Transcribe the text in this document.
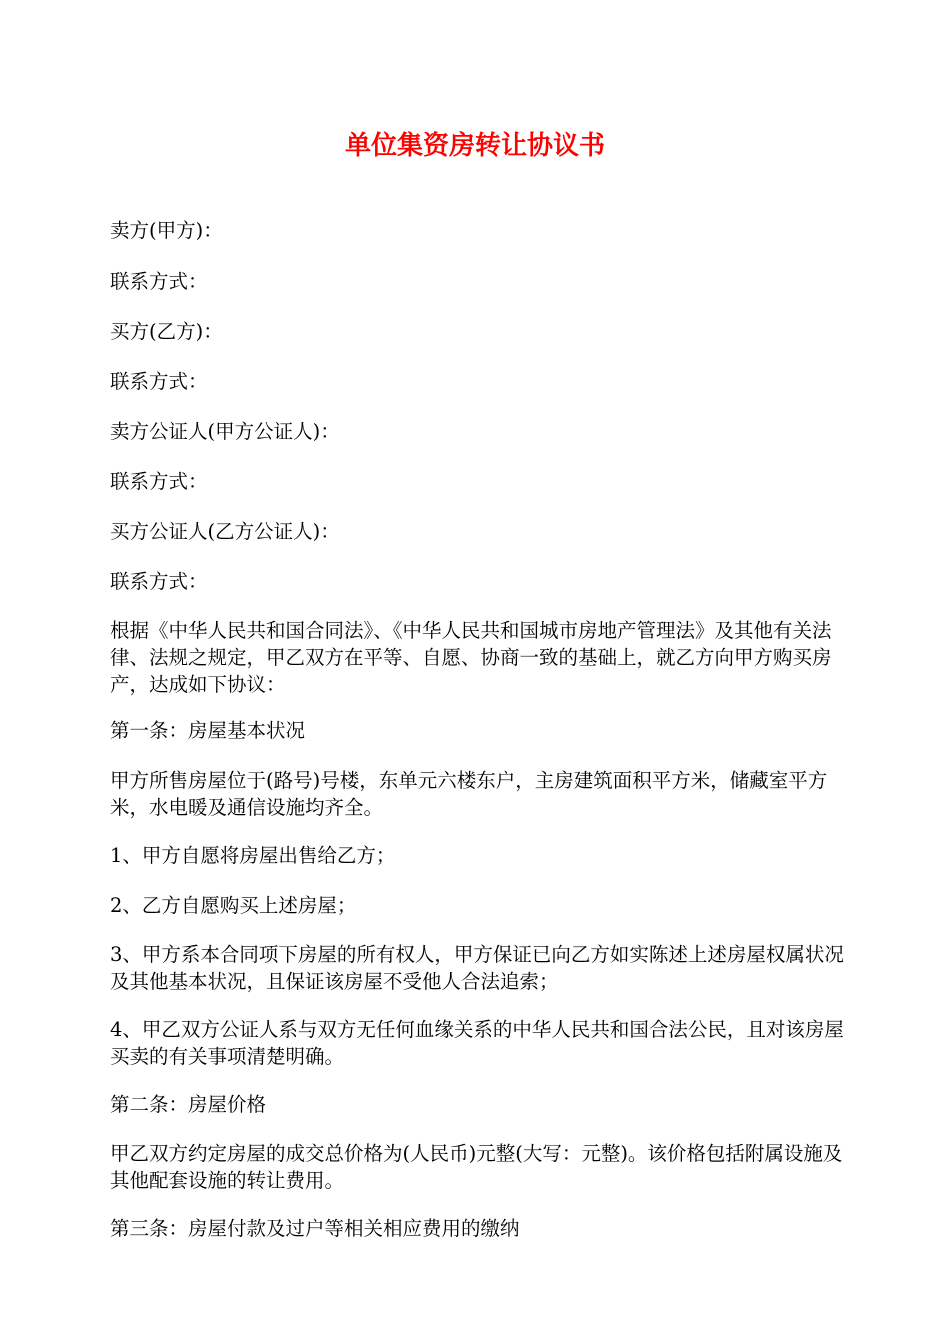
单位集资房转让协议书

卖方(甲方)：

联系方式：

买方(乙方)：

联系方式：

卖方公证人(甲方公证人)：

联系方式：

买方公证人(乙方公证人)：

联系方式：

根据《中华人民共和国合同法》、《中华人民共和国城市房地产管理法》及其他有关法律、法规之规定，甲乙双方在平等、自愿、协商一致的基础上，就乙方向甲方购买房产，达成如下协议：

第一条：房屋基本状况

甲方所售房屋位于(路号)号楼，东单元六楼东户，主房建筑面积平方米，储藏室平方米，水电暖及通信设施均齐全。

1、甲方自愿将房屋出售给乙方；

2、乙方自愿购买上述房屋；

3、甲方系本合同项下房屋的所有权人，甲方保证已向乙方如实陈述上述房屋权属状况及其他基本状况，且保证该房屋不受他人合法追索；

4、甲乙双方公证人系与双方无任何血缘关系的中华人民共和国合法公民，且对该房屋买卖的有关事项清楚明确。

第二条：房屋价格

甲乙双方约定房屋的成交总价格为(人民币)元整(大写：元整)。该价格包括附属设施及其他配套设施的转让费用。

第三条：房屋付款及过户等相关相应费用的缴纳
